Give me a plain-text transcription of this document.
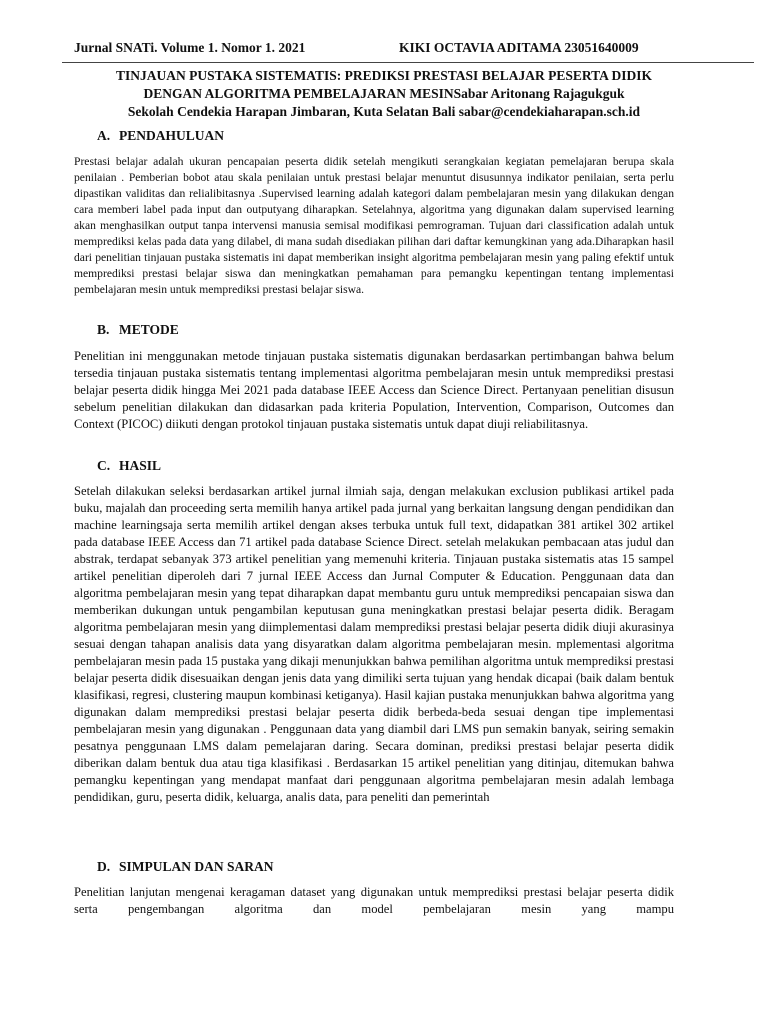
Jurnal SNATi. Volume 1. Nomor 1. 2021	KIKI OCTAVIA ADITAMA 23051640009
TINJAUAN PUSTAKA SISTEMATIS: PREDIKSI PRESTASI BELAJAR PESERTA DIDIK
DENGAN ALGORITMA PEMBELAJARAN MESINSabar Aritonang Rajagukguk
Sekolah Cendekia Harapan Jimbaran, Kuta Selatan Bali sabar@cendekiaharapan.sch.id
A. PENDAHULUAN

Prestasi belajar adalah ukuran pencapaian peserta didik setelah mengikuti serangkaian kegiatan pemelajaran berupa skala penilaian . Pemberian bobot atau skala penilaian untuk prestasi belajar menuntut disusunnya indikator penilaian, serta perlu dipastikan validitas dan relialibitasnya .Supervised learning adalah kategori dalam pembelajaran mesin yang dilakukan dengan cara memberi label pada input dan outputyang diharapkan. Setelahnya, algoritma yang digunakan dalam supervised learning akan menghasilkan output tanpa intervensi manusia semisal modifikasi pemrograman. Tujuan dari classification adalah untuk memprediksi kelas pada data yang dilabel, di mana sudah disediakan pilihan dari daftar kemungkinan yang ada.Diharapkan hasil dari penelitian tinjauan pustaka sistematis ini dapat memberikan insight algoritma pembelajaran mesin yang paling efektif untuk memprediksi prestasi belajar siswa dan meningkatkan pemahaman para pemangku kepentingan tentang implementasi pembelajaran mesin untuk memprediksi prestasi belajar siswa.

B. METODE

Penelitian ini menggunakan metode tinjauan pustaka sistematis digunakan berdasarkan pertimbangan bahwa belum tersedia tinjauan pustaka sistematis tentang implementasi algoritma pembelajaran mesin untuk memprediksi prestasi belajar peserta didik hingga Mei 2021 pada database IEEE Access dan Science Direct. Pertanyaan penelitian disusun sebelum penelitian dilakukan dan didasarkan pada kriteria Population, Intervention, Comparison, Outcomes dan Context (PICOC) diikuti dengan protokol tinjauan pustaka sistematis untuk dapat diuji reliabilitasnya.

C. HASIL

Setelah dilakukan seleksi berdasarkan artikel jurnal ilmiah saja, dengan melakukan exclusion publikasi artikel pada buku, majalah dan proceeding serta memilih hanya artikel pada jurnal yang berkaitan langsung dengan pendidikan dan machine learningsaja serta memilih artikel dengan akses terbuka untuk full text, didapatkan 381 artikel 302 artikel pada database IEEE Access dan 71 artikel pada database Science Direct. setelah melakukan pembacaan atas judul dan abstrak, terdapat sebanyak 373 artikel penelitian yang memenuhi kriteria. Tinjauan pustaka sistematis atas 15 sampel artikel penelitian diperoleh dari 7 jurnal IEEE Access dan Jurnal Computer & Education. Penggunaan data dan algoritma pembelajaran mesin yang tepat diharapkan dapat membantu guru untuk memprediksi pencapaian siswa dan memberikan dukungan untuk pengambilan keputusan guna meningkatkan prestasi belajar peserta didik. Beragam algoritma pembelajaran mesin yang diimplementasi dalam memprediksi prestasi belajar peserta didik diuji akurasinya sesuai dengan tahapan analisis data yang disyaratkan dalam algoritma pembelajaran mesin. mplementasi algoritma pembelajaran mesin pada 15 pustaka yang dikaji menunjukkan bahwa pemilihan algoritma untuk memprediksi prestasi belajar peserta didik disesuaikan dengan jenis data yang dimiliki serta tujuan yang hendak dicapai (baik dalam bentuk klasifikasi, regresi, clustering maupun kombinasi ketiganya). Hasil kajian pustaka menunjukkan bahwa algoritma yang digunakan dalam memprediksi prestasi belajar peserta didik berbeda-beda sesuai dengan tipe implementasi pembelajaran mesin yang digunakan . Penggunaan data yang diambil dari LMS pun semakin banyak, seiring semakin pesatnya penggunaan LMS dalam pemelajaran daring. Secara dominan, prediksi prestasi belajar peserta didik diberikan dalam bentuk dua atau tiga klasifikasi . Berdasarkan 15 artikel penelitian yang ditinjau, ditemukan bahwa pemangku kepentingan yang mendapat manfaat dari penggunaan algoritma pembelajaran mesin adalah lembaga pendidikan, guru, peserta didik, keluarga, analis data, para peneliti dan pemerintah

D. SIMPULAN DAN SARAN

Penelitian lanjutan mengenai keragaman dataset yang digunakan untuk memprediksi prestasi belajar peserta didik serta pengembangan algoritma dan model pembelajaran mesin yang mampu
